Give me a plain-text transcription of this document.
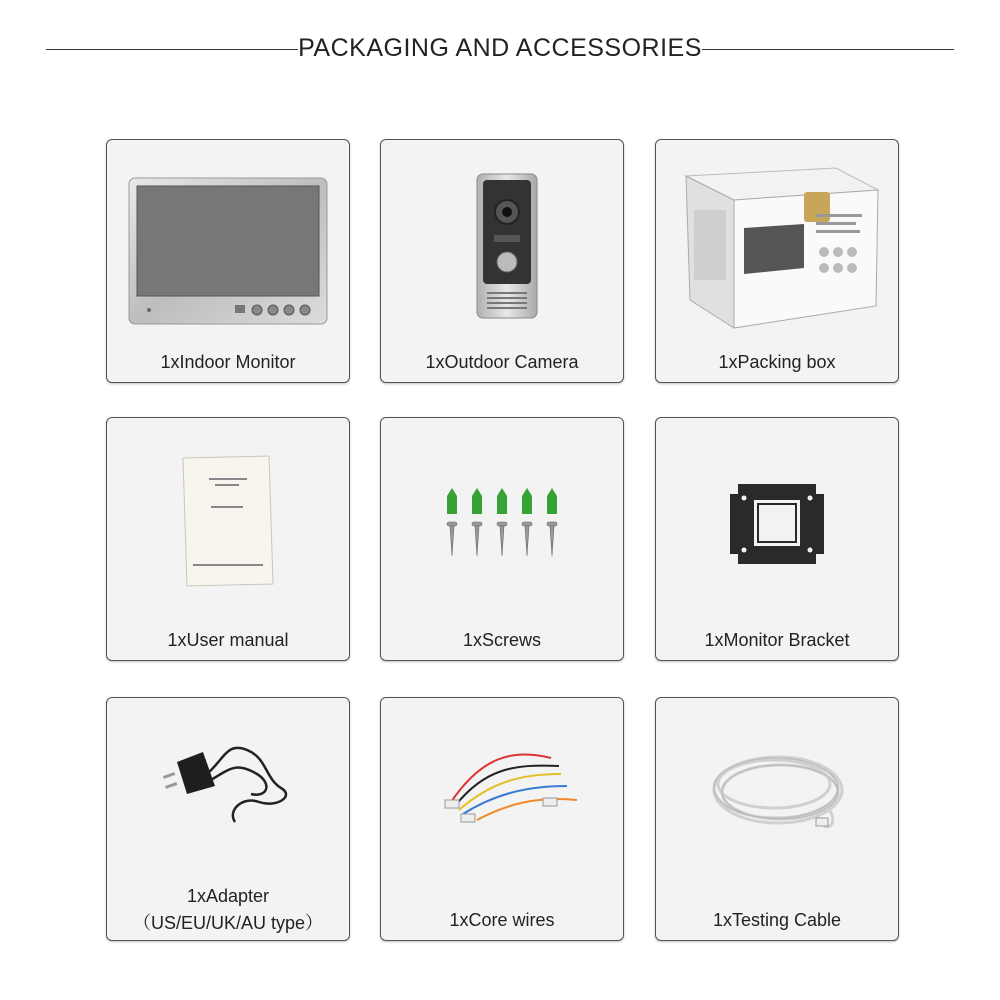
PACKAGING AND ACCESSORIES
1xIndoor Monitor	1xOutdoor Camera	1xPacking box
1xUser manual	1xScrews	1xMonitor Bracket
1xAdapter
（US/EU/UK/AU type）	1xCore wires	1xTesting Cable
